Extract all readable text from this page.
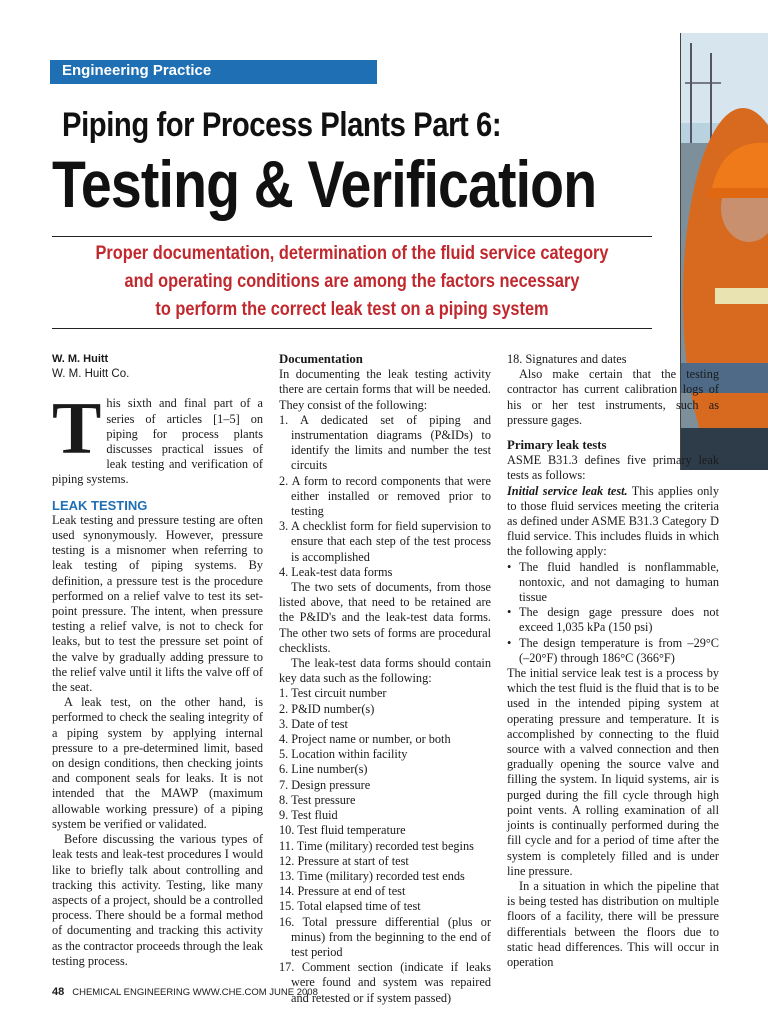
Engineering Practice
Piping for Process Plants Part 6:
Testing & Verification

Proper documentation, determination of the fluid service category
and operating conditions are among the factors necessary
to perform the correct leak test on a piping system

W. M. Huitt

W. M. Huitt Co.

This sixth and final part of a series of articles [1–5] on piping for process plants discusses practical issues of leak testing and verification of piping systems.

LEAK TESTING

Leak testing and pressure testing are often used synonymously. However, pressure testing is a misnomer when referring to leak testing of piping systems. By definition, a pressure test is the procedure performed on a relief valve to test its set-point pressure. The intent, when pressure testing a relief valve, is not to check for leaks, but to test the pressure set point of the valve by gradually adding pressure to the relief valve until it lifts the valve off of the seat.

A leak test, on the other hand, is performed to check the sealing integrity of a piping system by applying internal pressure to a pre-determined limit, based on design conditions, then checking joints and component seals for leaks. It is not intended that the MAWP (maximum allowable working pressure) of a piping system be verified or validated.

Before discussing the various types of leak tests and leak-test procedures I would like to briefly talk about controlling and tracking this activity. Testing, like many aspects of a project, should be a controlled process. There should be a formal method of documenting and tracking this activity as the contractor proceeds through the leak testing process.

Documentation

In documenting the leak testing activity there are certain forms that will be needed. They consist of the following:

1. A dedicated set of piping and instrumentation diagrams (P&IDs) to identify the limits and number the test circuits
2. A form to record components that were either installed or removed prior to testing
3. A checklist form for field supervision to ensure that each step of the test process is accomplished
4. Leak-test data forms

The two sets of documents, from those listed above, that need to be retained are the P&ID's and the leak-test data forms. The other two sets of forms are procedural checklists.

The leak-test data forms should contain key data such as the following:

1. Test circuit number
2. P&ID number(s)
3. Date of test
4. Project name or number, or both
5. Location within facility
6. Line number(s)
7. Design pressure
8. Test pressure
9. Test fluid
10. Test fluid temperature
11. Time (military) recorded test begins
12. Pressure at start of test
13. Time (military) recorded test ends
14. Pressure at end of test
15. Total elapsed time of test
16. Total pressure differential (plus or minus) from the beginning to the end of test period
17. Comment section (indicate if leaks were found and system was repaired and retested or if system passed)
18. Signatures and dates

Also make certain that the testing contractor has current calibration logs of his or her test instruments, such as pressure gages.

Primary leak tests

ASME B31.3 defines five primary leak tests as follows:

Initial service leak test. This applies only to those fluid services meeting the criteria as defined under ASME B31.3 Category D fluid service. This includes fluids in which the following apply:

• The fluid handled is nonflammable, nontoxic, and not damaging to human tissue
• The design gage pressure does not exceed 1,035 kPa (150 psi)
• The design temperature is from –29°C (–20°F) through 186°C (366°F)

The initial service leak test is a process by which the test fluid is the fluid that is to be used in the intended piping system at operating pressure and temperature. It is accomplished by connecting to the fluid source with a valved connection and then gradually opening the source valve and filling the system. In liquid systems, air is purged during the fill cycle through high point vents. A rolling examination of all joints is continually performed during the fill cycle and for a period of time after the system is completely filled and is under line pressure.

In a situation in which the pipeline that is being tested has distribution on multiple floors of a facility, there will be pressure differentials between the floors due to static head differences. This will occur in operation

48 CHEMICAL ENGINEERING WWW.CHE.COM JUNE 2008
